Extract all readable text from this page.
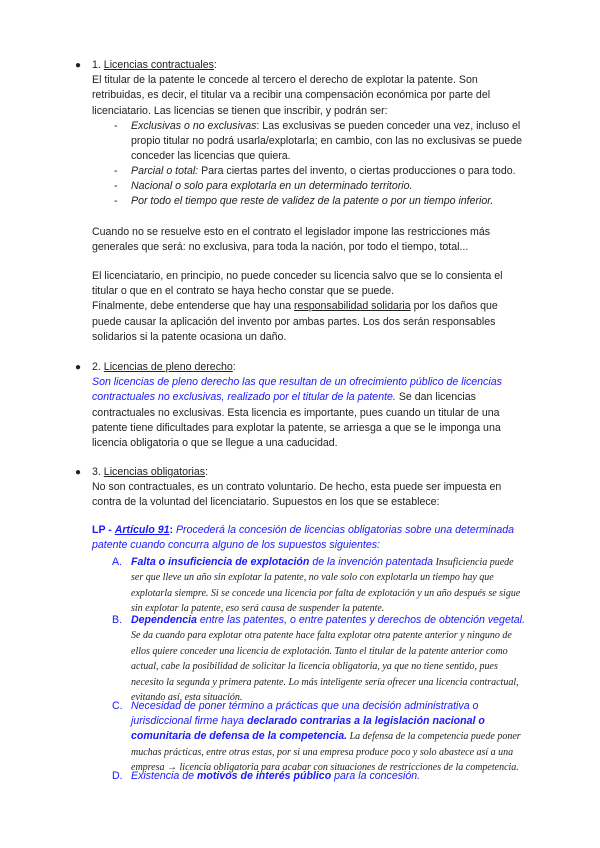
● 1. Licencias contractuales:

El titular de la patente le concede al tercero el derecho de explotar la patente. Son retribuidas, es decir, el titular va a recibir una compensación económica por parte del licenciatario. Las licencias se tienen que inscribir, y podrán ser:

- Exclusivas o no exclusivas: Las exclusivas se pueden conceder una vez, incluso el propio titular no podrá usarla/explotarla; en cambio, con las no exclusivas se puede conceder las licencias que quiera.
- Parcial o total: Para ciertas partes del invento, o ciertas producciones o para todo.
- Nacional o solo para explotarla en un determinado territorio.
- Por todo el tiempo que reste de validez de la patente o por un tiempo inferior.

Cuando no se resuelve esto en el contrato el legislador impone las restricciones más generales que será: no exclusiva, para toda la nación, por todo el tiempo, total...

El licenciatario, en principio, no puede conceder su licencia salvo que se lo consienta el titular o que en el contrato se haya hecho constar que se puede.

Finalmente, debe entenderse que hay una responsabilidad solidaria por los daños que puede causar la aplicación del invento por ambas partes. Los dos serán responsables solidarios si la patente ocasiona un daño.

● 2. Licencias de pleno derecho:

Son licencias de pleno derecho las que resultan de un ofrecimiento público de licencias contractuales no exclusivas, realizado por el titular de la patente. Se dan licencias contractuales no exclusivas. Esta licencia es importante, pues cuando un titular de una patente tiene dificultades para explotar la patente, se arriesga a que se le imponga una licencia obligatoria o que se llegue a una caducidad.

● 3. Licencias obligatorias:

No son contractuales, es un contrato voluntario. De hecho, esta puede ser impuesta en contra de la voluntad del licenciatario. Supuestos en los que se establece:

LP - Artículo 91: Procederá la concesión de licencias obligatorias sobre una determinada patente cuando concurra alguno de los supuestos siguientes:

A. Falta o insuficiencia de explotación de la invención patentada Insuficiencia puede ser que lleve un año sin explotar la patente, no vale solo con explotarla un tiempo hay que explotarla siempre. Si se concede una licencia por falta de explotación y un año después se sigue sin explotar la patente, eso será causa de suspender la patente.
B. Dependencia entre las patentes, o entre patentes y derechos de obtención vegetal. Se da cuando para explotar otra patente hace falta explotar otra patente anterior y ninguno de ellos quiere conceder una licencia de explotación. Tanto el titular de la patente anterior como actual, cabe la posibilidad de solicitar la licencia obligatoria, ya que no tiene sentido, pues necesito la segunda y primera patente. Lo más inteligente sería ofrecer una licencia contractual, evitando así, esta situación.
C. Necesidad de poner término a prácticas que una decisión administrativa o jurisdiccional firme haya declarado contrarias a la legislación nacional o comunitaria de defensa de la competencia. La defensa de la competencia puede poner muchas prácticas, entre otras estas, por si una empresa produce poco y solo abastece así a una empresa → licencia obligatoria para acabar con situaciones de restricciones de la competencia.
D. Existencia de motivos de interés público para la concesión.
